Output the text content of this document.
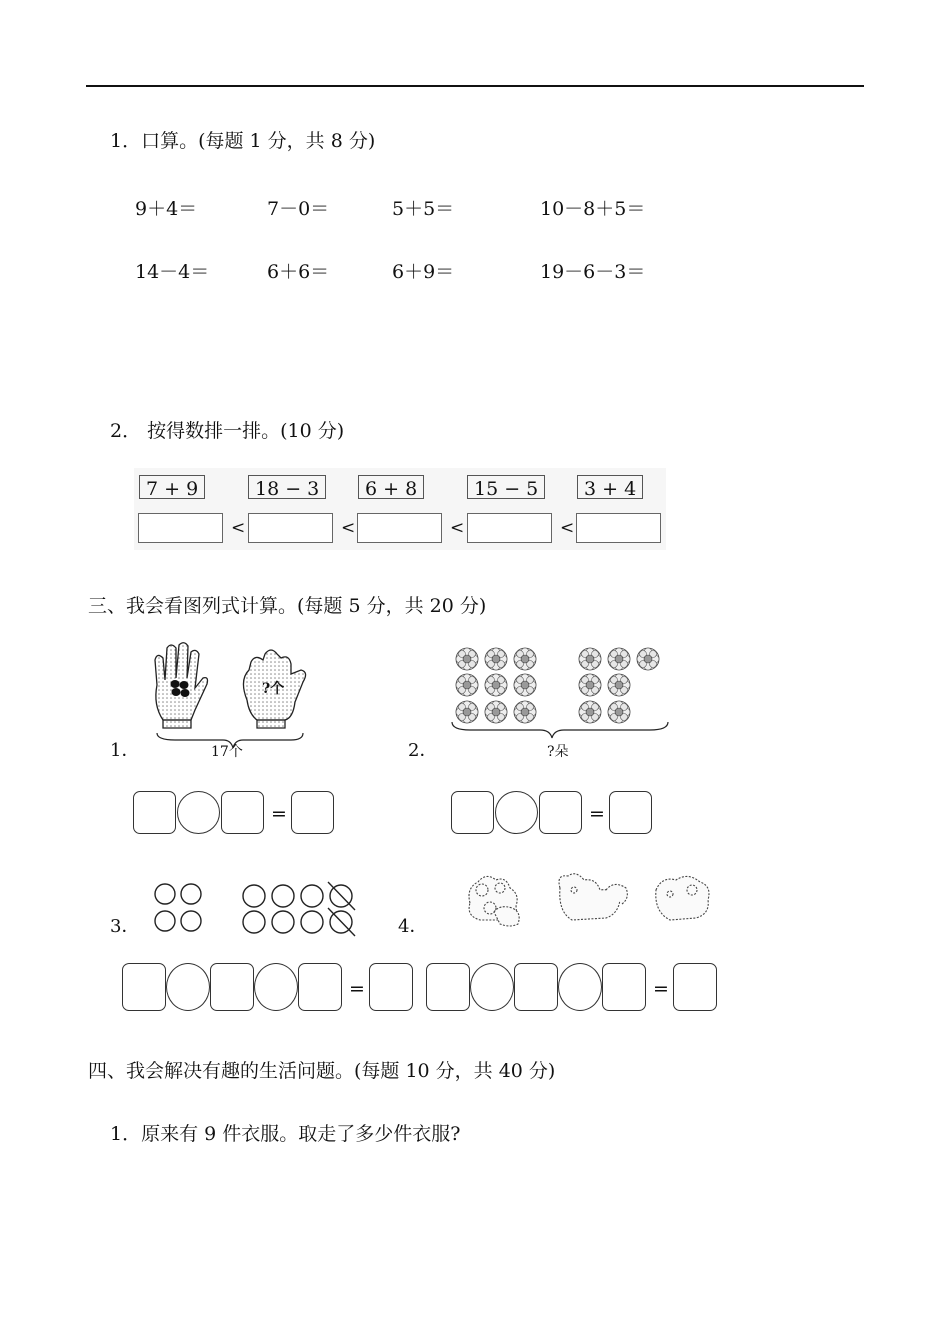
1．口算。(每题 1 分，共 8 分)
9＋4＝	7－0＝	5＋5＝	10－8＋5＝
14－4＝	6＋6＝	6＋9＝	19－6－3＝
2． 按得数排一排。(10 分)
7 + 9	18 − 3	6 + 8	15 − 5	3 + 4
<	<	<	<
三、我会看图列式计算。(每题 5 分，共 20 分)
?个
17个
1．	?朵
2．
=	=
3．	4．
=	=
四、我会解决有趣的生活问题。(每题 10 分，共 40 分)
1．原来有 9 件衣服。取走了多少件衣服?
